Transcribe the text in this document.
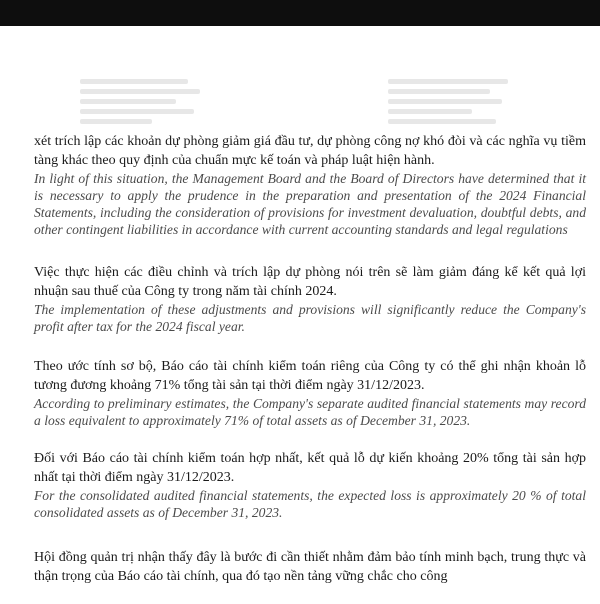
xét trích lập các khoản dự phòng giảm giá đầu tư, dự phòng công nợ khó đòi và các nghĩa vụ tiềm tàng khác theo quy định của chuẩn mực kế toán và pháp luật hiện hành.

In light of this situation, the Management Board and the Board of Directors have determined that it is necessary to apply the prudence in the preparation and presentation of the 2024 Financial Statements, including the consideration of provisions for investment devaluation, doubtful debts, and other contingent liabilities in accordance with current accounting standards and legal regulations

Việc thực hiện các điều chỉnh và trích lập dự phòng nói trên sẽ làm giảm đáng kể kết quả lợi nhuận sau thuế của Công ty trong năm tài chính 2024.

The implementation of these adjustments and provisions will significantly reduce the Company's profit after tax for the 2024 fiscal year.

Theo ước tính sơ bộ, Báo cáo tài chính kiểm toán riêng của Công ty có thể ghi nhận khoản lỗ tương đương khoảng 71% tổng tài sản tại thời điểm ngày 31/12/2023.

According to preliminary estimates, the Company's separate audited financial statements may record a loss equivalent to approximately 71% of total assets as of December 31, 2023.

Đối với Báo cáo tài chính kiểm toán hợp nhất, kết quả lỗ dự kiến khoảng 20% tổng tài sản hợp nhất tại thời điểm ngày 31/12/2023.

For the consolidated audited financial statements, the expected loss is approximately 20 % of total consolidated assets as of December 31, 2023.

Hội đồng quản trị nhận thấy đây là bước đi cần thiết nhằm đảm bảo tính minh bạch, trung thực và thận trọng của Báo cáo tài chính, qua đó tạo nền tảng vững chắc cho công
